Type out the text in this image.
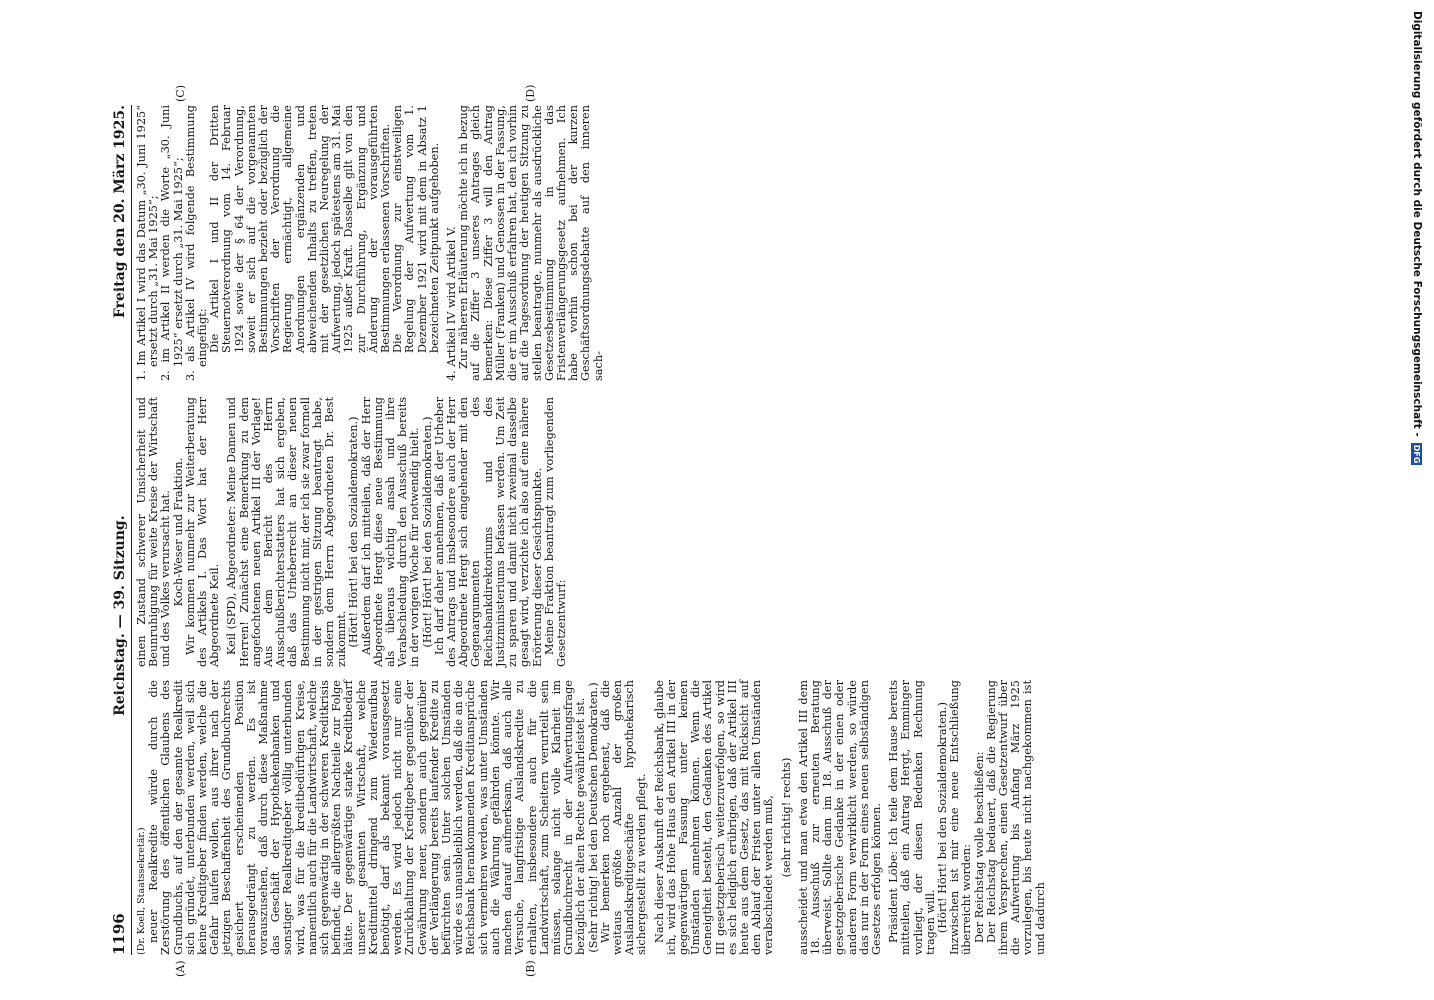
1196
Reichstag. — 39. Sitzung.
Freitag den 20. März 1925.
(A)	(B)
(C)	(D)

(Dr. Koell, Staatssekretär.) neuer Realkredite würde durch die Zerstörung des öffentlichen Glaubens des Grundbuchs, auf den der gesamte Realkredit sich gründet, unterbunden werden, weil sich keine Kreditgeber finden werden, welche die Gefahr laufen wollen, aus ihrer nach der jetzigen Beschaffenheit des Grundbuchrechts gesichert erscheinenden Position herausgedrängt zu werden. Es ist vorauszusehen, daß durch diese Maßnahme das Geschäft der Hypothekenbanken und sonstiger Realkreditgeber völlig unterbunden wird, was für die kreditbedürftigen Kreise, namentlich auch für die Landwirtschaft, welche sich gegenwärtig in der schweren Kreditkrisis befindet, die allergrößten Nachteile zur Folge hätte. Der gegenwärtige starke Kreditbedarf unserer gesamten Wirtschaft, welche Kreditmittel dringend zum Wiederaufbau benötigt, darf als bekannt vorausgesetzt werden. Es wird jedoch nicht nur eine Zurückhaltung der Kreditgeber gegenüber der Gewährung neuer, sondern auch gegenüber der Verlängerung bereits laufender Kredite zu befürchten sein. Unter solchen Umständen würde es unausbleiblich werden, daß die an die Reichsbank herankommenden Kreditansprüche sich vermehren werden, was unter Umständen auch die Währung gefährden könnte. Wir machen darauf aufmerksam, daß auch alle Versuche, langfristige Auslandskredite zu erhalten, insbesondere auch für die Landwirtschaft, zum Scheitern verurteilt sein müssen, solange nicht volle Klarheit im Grundbuchrecht in der Aufwertungsfrage bezüglich der alten Rechte gewährleistet ist. (Sehr richtig! bei den Deutschen Demokraten.) Wir bemerken noch ergebenst, daß die weitaus größte Anzahl der großen Auslandskreditgeschäfte hypothekarisch sichergestellt zu werden pflegt. Nach dieser Auskunft der Reichsbank, glaube ich, wird das Hohe Haus den Artikel III in der gegenwärtigen Fassung unter keinen Umständen annehmen können. Wenn die Geneigtheit besteht, den Gedanken des Artikel III gesetzgeberisch weiterzuverfolgen, so wird es sich lediglich erübrigen, daß der Artikel III heute aus dem Gesetz, das mit Rücksicht auf den Ablauf der Fristen unter allen Umständen verabschiedet werden muß, (sehr richtig! rechts) ausscheidet und man etwa den Artikel III dem 18. Ausschuß zur erneuten Beratung überweist. Sollte dann im 18. Ausschuß der gesetzgeberische Gedanke in der einen oder anderen Form verwirklicht werden, so würde das nur in der Form eines neuen selbständigen Gesetzes erfolgen können. Präsident Löbe: Ich teile dem Hause bereits mitteilen, daß ein Antrag Hergt, Emminger vorliegt, der diesen Bedenken Rechnung tragen will. (Hört! Hört! bei den Sozialdemokraten.) Inzwischen ist mir eine neue Entschließung überreicht worden: Der Reichstag wolle beschließen: Der Reichstag bedauert, daß die Regierung ihrem Versprechen, einen Gesetzentwurf über die Aufwertung bis Anfang März 1925 vorzulegen, bis heute nicht nachgekommen ist und dadurch

einen Zustand schwerer Unsicherheit und Beunruhigung für weite Kreise der Wirtschaft und des Volkes verursacht hat. Koch-Weser und Fraktion. Wir kommen nunmehr zur Weiterberatung des Artikels I. Das Wort hat der Herr Abgeordnete Keil. Keil (SPD), Abgeordneter: Meine Damen und Herren! Zunächst eine Bemerkung zu dem angefochtenen neuen Artikel III der Vorlage! Aus dem Bericht des Herrn Ausschußberichterstatters hat sich ergeben, daß das Urheberrecht an dieser neuen Bestimmung nicht mir, der ich sie zwar formell in der gestrigen Sitzung beantragt habe, sondern dem Herrn Abgeordneten Dr. Best zukommt. (Hört! Hört! bei den Sozialdemokraten.) Außerdem darf ich mitteilen, daß der Herr Abgeordnete Hergt diese neue Bestimmung als überaus wichtig ansah und ihre Verabschiedung durch den Ausschuß bereits in der vorigen Woche für notwendig hielt. (Hört! Hört! bei den Sozialdemokraten.) Ich darf daher annehmen, daß der Urheber des Antrags und insbesondere auch der Herr Abgeordnete Hergt sich eingehender mit den Gegenargumenten des Reichsbankdirektoriums und des Justizministeriums befassen werden. Um Zeit zu sparen und damit nicht zweimal dasselbe gesagt wird, verzichte ich also auf eine nähere Erörterung dieser Gesichtspunkte. Meine Fraktion beantragt zum vorliegenden Gesetzentwurf:

1. Im Artikel I wird das Datum „30. Juni 1925“ ersetzt durch „31. Mai 1925“; 2. im Artikel II werden die Worte „30. Juni 1925“ ersetzt durch „31. Mai 1925“; 3. als Artikel IV wird folgende Bestimmung eingefügt: Die Artikel I und II der Dritten Steuernotverordnung vom 14. Februar 1924 sowie der § 64 der Verordnung, soweit er sich auf die vorgenannten Bestimmungen bezieht oder bezüglich der Vorschriften der Verordnung die Regierung ermächtigt, allgemeine Anordnungen ergänzenden und abweichenden Inhalts zu treffen, treten mit der gesetzlichen Neuregelung der Aufwertung, jedoch spätestens am 31. Mai 1925 außer Kraft. Dasselbe gilt von den zur Durchführung, Ergänzung und Änderung der vorausgeführten Bestimmungen erlassenen Vorschriften. Die Verordnung zur einstweiligen Regelung der Aufwertung vom 1. Dezember 1921 wird mit dem in Absatz 1 bezeichneten Zeitpunkt aufgehoben. 4. Artikel IV wird Artikel V. Zur näheren Erläuterung möchte ich in bezug auf die Ziffer 3 unseres Antrages gleich bemerken: Diese Ziffer 3 will den Antrag Müller (Franken) und Genossen in der Fassung, die er im Ausschuß erfahren hat, den ich vorhin auf die Tagesordnung der heutigen Sitzung zu stellen beantragte, nunmehr als ausdrückliche Gesetzesbestimmung in das Fristenverlängerungsgesetz aufnehmen. Ich habe vorhin schon bei der kurzen Geschäftsordnungsdebatte auf den inneren sach-	Digitalisierung gefördert durch die Deutsche Forschungsgemeinschaft -
DFG
